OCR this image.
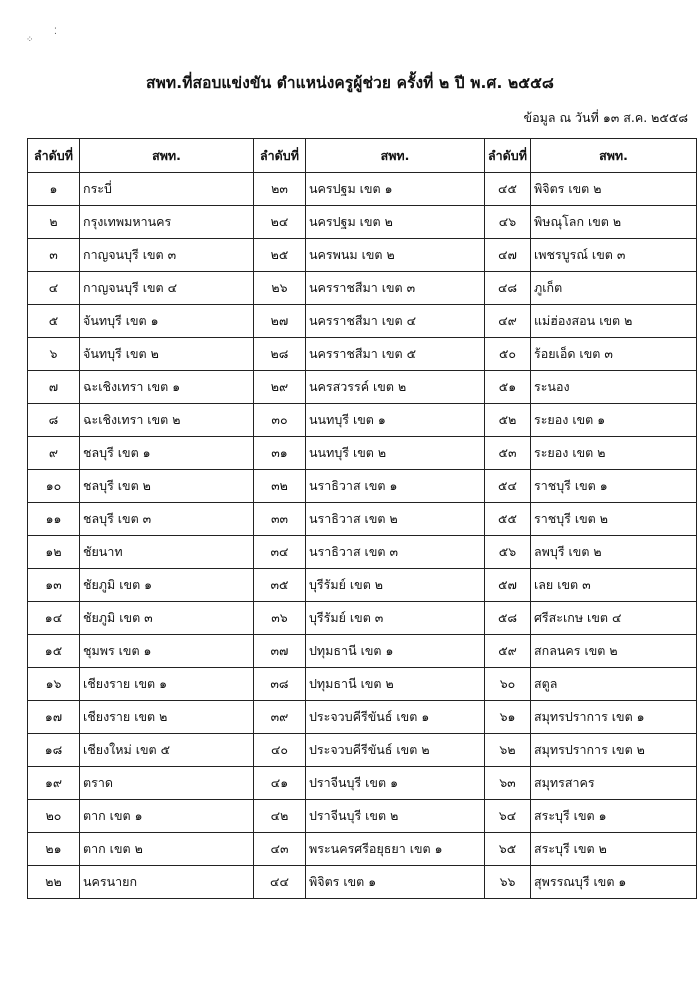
⁘
⁚
สพท.ที่สอบแข่งขัน ตำแหน่งครูผู้ช่วย ครั้งที่ ๒ ปี พ.ศ. ๒๕๕๘
ข้อมูล ณ วันที่ ๑๓ ส.ค. ๒๕๕๘
ลำดับที่	สพท.	ลำดับที่	สพท.	ลำดับที่	สพท.
๑	กระบี่	๒๓	นครปฐม เขต ๑	๔๕	พิจิตร เขต ๒
๒	กรุงเทพมหานคร	๒๔	นครปฐม เขต ๒	๔๖	พิษณุโลก เขต ๒
๓	กาญจนบุรี เขต ๓	๒๕	นครพนม เขต ๒	๔๗	เพชรบูรณ์ เขต ๓
๔	กาญจนบุรี เขต ๔	๒๖	นครราชสีมา เขต ๓	๔๘	ภูเก็ต
๕	จันทบุรี เขต ๑	๒๗	นครราชสีมา เขต ๔	๔๙	แม่ฮ่องสอน เขต ๒
๖	จันทบุรี เขต ๒	๒๘	นครราชสีมา เขต ๕	๕๐	ร้อยเอ็ด เขต ๓
๗	ฉะเชิงเทรา เขต ๑	๒๙	นครสวรรค์ เขต ๒	๕๑	ระนอง
๘	ฉะเชิงเทรา เขต ๒	๓๐	นนทบุรี เขต ๑	๕๒	ระยอง เขต ๑
๙	ชลบุรี เขต ๑	๓๑	นนทบุรี เขต ๒	๕๓	ระยอง เขต ๒
๑๐	ชลบุรี เขต ๒	๓๒	นราธิวาส เขต ๑	๕๔	ราชบุรี เขต ๑
๑๑	ชลบุรี เขต ๓	๓๓	นราธิวาส เขต ๒	๕๕	ราชบุรี เขต ๒
๑๒	ชัยนาท	๓๔	นราธิวาส เขต ๓	๕๖	ลพบุรี เขต ๒
๑๓	ชัยภูมิ เขต ๑	๓๕	บุรีรัมย์ เขต ๒	๕๗	เลย เขต ๓
๑๔	ชัยภูมิ เขต ๓	๓๖	บุรีรัมย์ เขต ๓	๕๘	ศรีสะเกษ เขต ๔
๑๕	ชุมพร เขต ๑	๓๗	ปทุมธานี เขต ๑	๕๙	สกลนคร เขต ๒
๑๖	เชียงราย เขต ๑	๓๘	ปทุมธานี เขต ๒	๖๐	สตูล
๑๗	เชียงราย เขต ๒	๓๙	ประจวบคีรีขันธ์ เขต ๑	๖๑	สมุทรปราการ เขต ๑
๑๘	เชียงใหม่ เขต ๕	๔๐	ประจวบคีรีขันธ์ เขต ๒	๖๒	สมุทรปราการ เขต ๒
๑๙	ตราด	๔๑	ปราจีนบุรี เขต ๑	๖๓	สมุทรสาคร
๒๐	ตาก เขต ๑	๔๒	ปราจีนบุรี เขต ๒	๖๔	สระบุรี เขต ๑
๒๑	ตาก เขต ๒	๔๓	พระนครศรีอยุธยา เขต ๑	๖๕	สระบุรี เขต ๒
๒๒	นครนายก	๔๔	พิจิตร เขต ๑	๖๖	สุพรรณบุรี เขต ๑
